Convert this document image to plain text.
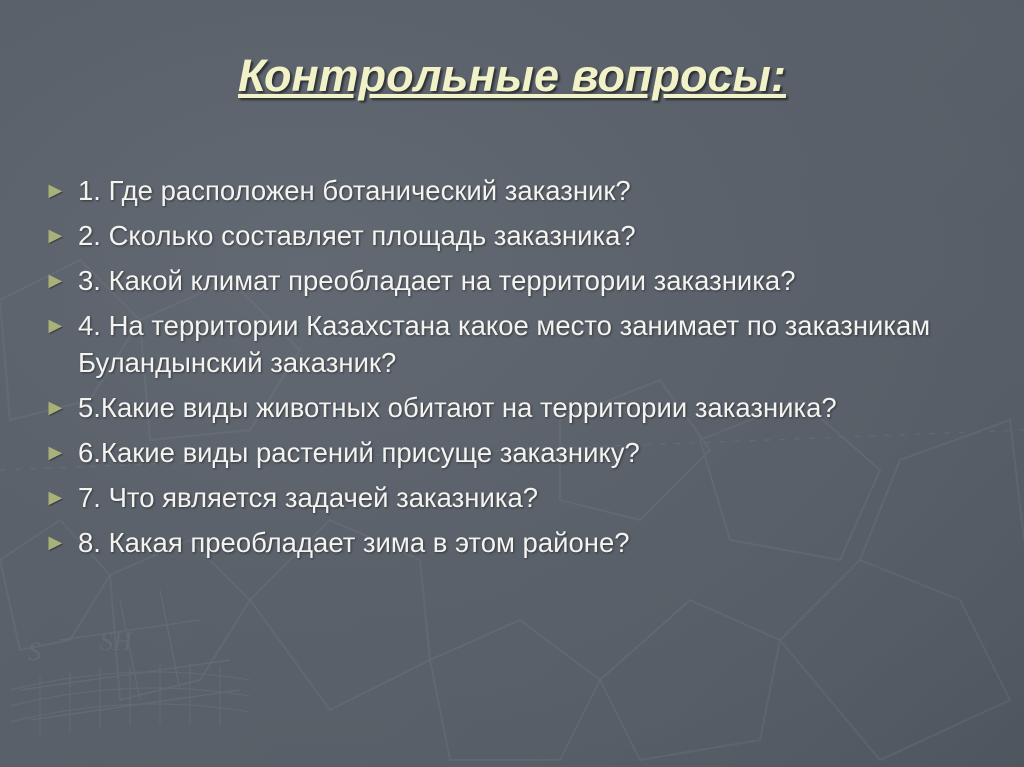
S SH
Контрольные вопросы:
► 1. Где расположен ботанический заказник?
► 2. Сколько составляет площадь заказника?
► 3. Какой климат преобладает на территории заказника?
► 4. На территории Казахстана какое место занимает по заказникам Буландынский заказник?
► 5.Какие виды животных обитают на территории заказника?
► 6.Какие виды растений присуще заказнику?
► 7. Что является задачей заказника?
► 8. Какая преобладает зима в этом районе?
